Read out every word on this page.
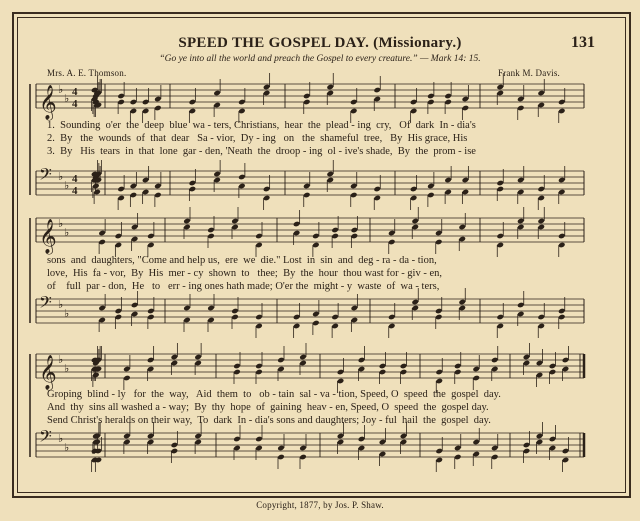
SPEED THE GOSPEL DAY. (Missionary.)	131
“Go ye into all the world and preach the Gospel to every creature.” — Mark 14: 15.
Mrs. A. E. Thomson.	Frank M. Davis.
𝄞 ♭
♭ 4
4
𝄢 ♭
♭ 4
4
𝄞 ♭
♭
𝄢 ♭
♭
𝄞 ♭
♭
𝄢 ♭
♭
1.  Sounding  o'er  the  deep  blue  wa - ters, Christians,  hear  the  plead - ing  cry,   Of  dark  In - dia's
2.  By   the  wounds  of  that  dear   Sa - vior,  Dy - ing   on   the  shameful  tree,   By  His grace, His
3.  By   His  tears  in  that  lone  gar - den, 'Neath  the  droop - ing  ol - ive's shade,  By  the  prom - ise
sons  and  daughters, "Come and help us,  ere  we  die." Lost  in  sin  and  deg - ra - da - tion,
love,  His  fa - vor,  By  His  mer - cy  shown  to   thee;  By  the  hour  thou wast for - giv - en,
of    full  par - don,  He   to   err - ing ones hath made; O'er the  might - y  waste  of  wa - ters,
Groping  blind - ly   for  the  way,   Aid  them  to   ob - tain  sal - va - tion, Speed, O  speed  the  gospel  day.
And  thy  sins all washed a - way;  By  thy  hope  of  gaining  heav - en, Speed, O  speed  the  gospel day.
Send Christ's heralds on their way,  To  dark  In - dia's sons and daughters; Joy - ful  hail  the  gospel  day.
Copyright, 1877, by Jos. P. Shaw.
